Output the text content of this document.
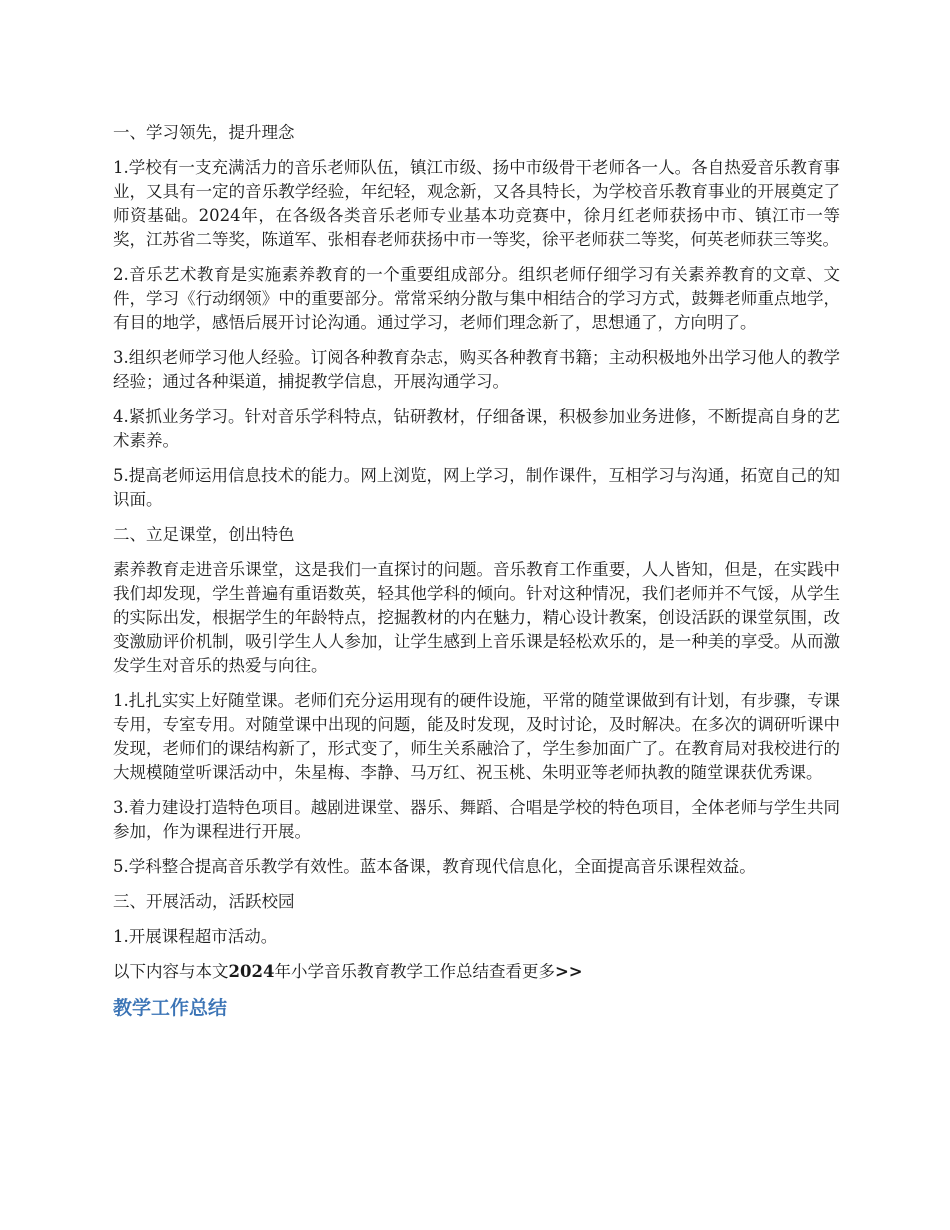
一、学习领先，提升理念

1.学校有一支充满活力的音乐老师队伍，镇江市级、扬中市级骨干老师各一人。各自热爱音乐教育事业，又具有一定的音乐教学经验，年纪轻，观念新，又各具特长，为学校音乐教育事业的开展奠定了师资基础。2024年，在各级各类音乐老师专业基本功竞赛中，徐月红老师获扬中市、镇江市一等奖，江苏省二等奖，陈道军、张相春老师获扬中市一等奖，徐平老师获二等奖，何英老师获三等奖。

2.音乐艺术教育是实施素养教育的一个重要组成部分。组织老师仔细学习有关素养教育的文章、文件，学习《行动纲领》中的重要部分。常常采纳分散与集中相结合的学习方式，鼓舞老师重点地学，有目的地学，感悟后展开讨论沟通。通过学习，老师们理念新了，思想通了，方向明了。

3.组织老师学习他人经验。订阅各种教育杂志，购买各种教育书籍；主动积极地外出学习他人的教学经验；通过各种渠道，捕捉教学信息，开展沟通学习。

4.紧抓业务学习。针对音乐学科特点，钻研教材，仔细备课，积极参加业务进修，不断提高自身的艺术素养。

5.提高老师运用信息技术的能力。网上浏览，网上学习，制作课件，互相学习与沟通，拓宽自己的知识面。

二、立足课堂，创出特色

素养教育走进音乐课堂，这是我们一直探讨的问题。音乐教育工作重要，人人皆知，但是，在实践中我们却发现，学生普遍有重语数英，轻其他学科的倾向。针对这种情况，我们老师并不气馁，从学生的实际出发，根据学生的年龄特点，挖掘教材的内在魅力，精心设计教案，创设活跃的课堂氛围，改变激励评价机制，吸引学生人人参加，让学生感到上音乐课是轻松欢乐的，是一种美的享受。从而激发学生对音乐的热爱与向往。

1.扎扎实实上好随堂课。老师们充分运用现有的硬件设施，平常的随堂课做到有计划，有步骤，专课专用，专室专用。对随堂课中出现的问题，能及时发现，及时讨论，及时解决。在多次的调研听课中发现，老师们的课结构新了，形式变了，师生关系融洽了，学生参加面广了。在教育局对我校进行的大规模随堂听课活动中，朱星梅、李静、马万红、祝玉桃、朱明亚等老师执教的随堂课获优秀课。

3.着力建设打造特色项目。越剧进课堂、器乐、舞蹈、合唱是学校的特色项目，全体老师与学生共同参加，作为课程进行开展。

5.学科整合提高音乐教学有效性。蓝本备课，教育现代信息化，全面提高音乐课程效益。

三、开展活动，活跃校园

1.开展课程超市活动。

以下内容与本文2024年小学音乐教育教学工作总结查看更多>>

教学工作总结
